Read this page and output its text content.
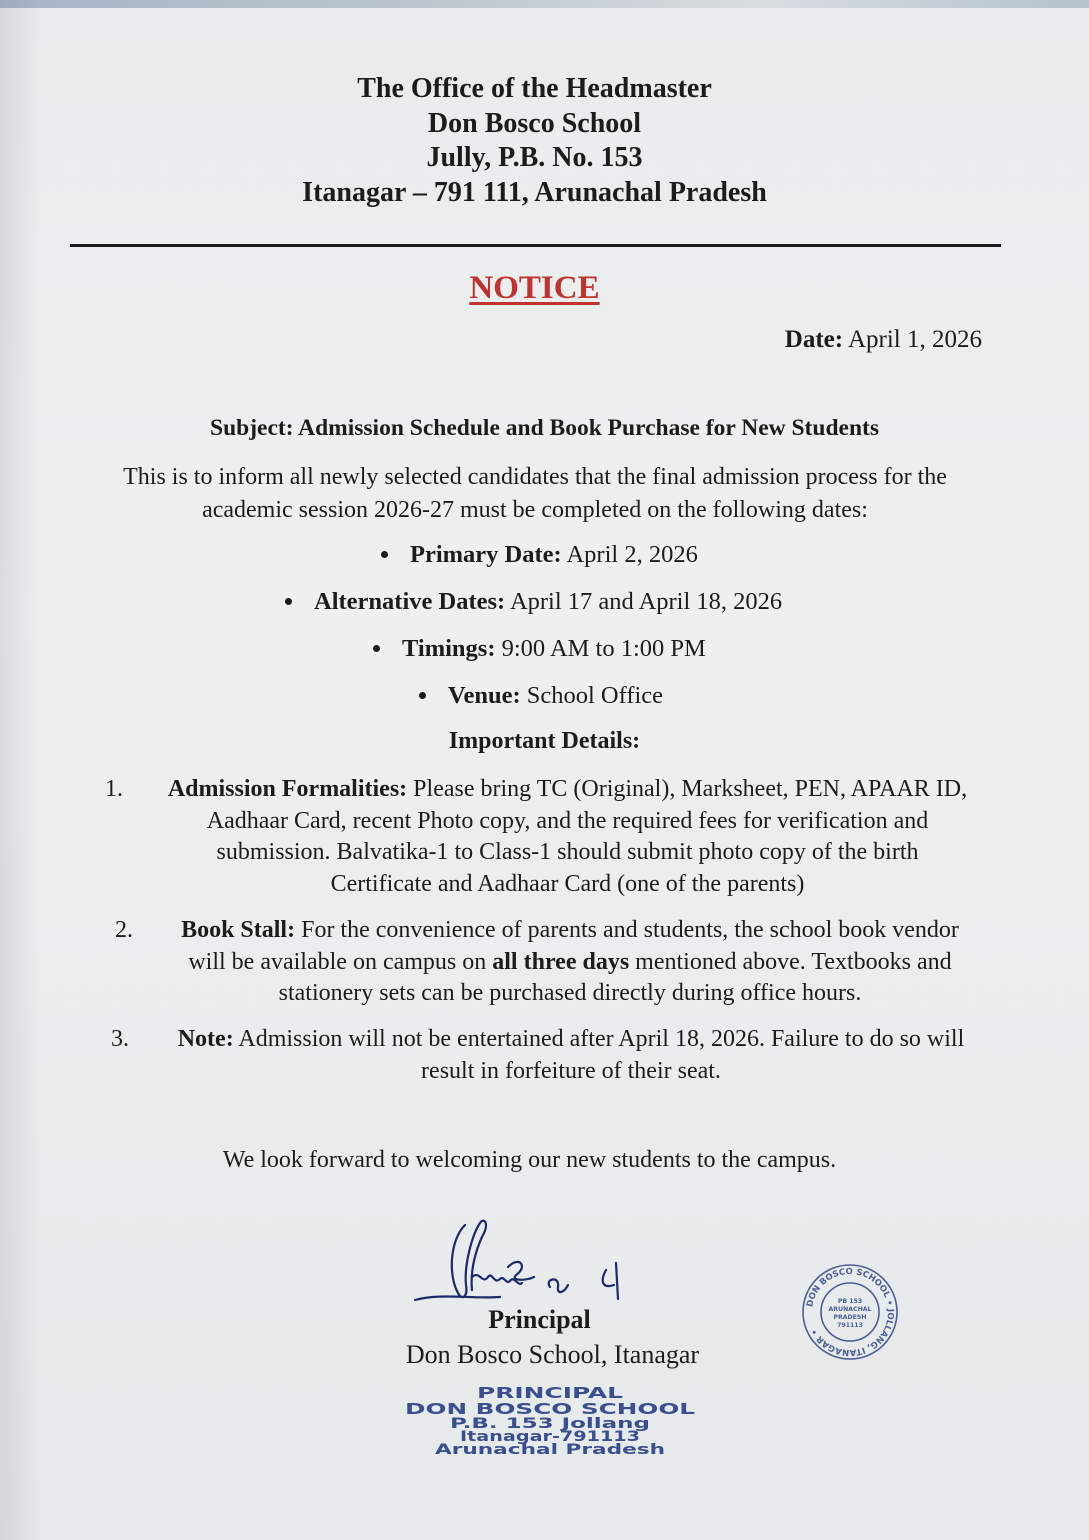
The Office of the Headmaster
Don Bosco School
Jully, P.B. No. 153
Itanagar – 791 111, Arunachal Pradesh
NOTICE
Date: April 1, 2026
Subject: Admission Schedule and Book Purchase for New Students
This is to inform all newly selected candidates that the final admission process for the academic session 2026-27 must be completed on the following dates:
Primary Date: April 2, 2026
Alternative Dates: April 17 and April 18, 2026
Timings: 9:00 AM to 1:00 PM
Venue: School Office
Important Details:
1.	Admission Formalities: Please bring TC (Original), Marksheet, PEN, APAAR ID,
Aadhaar Card, recent Photo copy, and the required fees for verification and
submission. Balvatika-1 to Class-1 should submit photo copy of the birth
Certificate and Aadhaar Card (one of the parents)
2.	Book Stall: For the convenience of parents and students, the school book vendor
will be available on campus on all three days mentioned above. Textbooks and
stationery sets can be purchased directly during office hours.
3.	Note: Admission will not be entertained after April 18, 2026. Failure to do so will
result in forfeiture of their seat.
We look forward to welcoming our new students to the campus.
Principal
Don Bosco School, Itanagar
PRINCIPAL
DON BOSCO SCHOOL
P.B. 153 Jollang
Itanagar-791113
Arunachal Pradesh
DON BOSCO SCHOOL • JOLLANG, ITANAGAR •
PB 153
ARUNACHAL
PRADESH
791113
